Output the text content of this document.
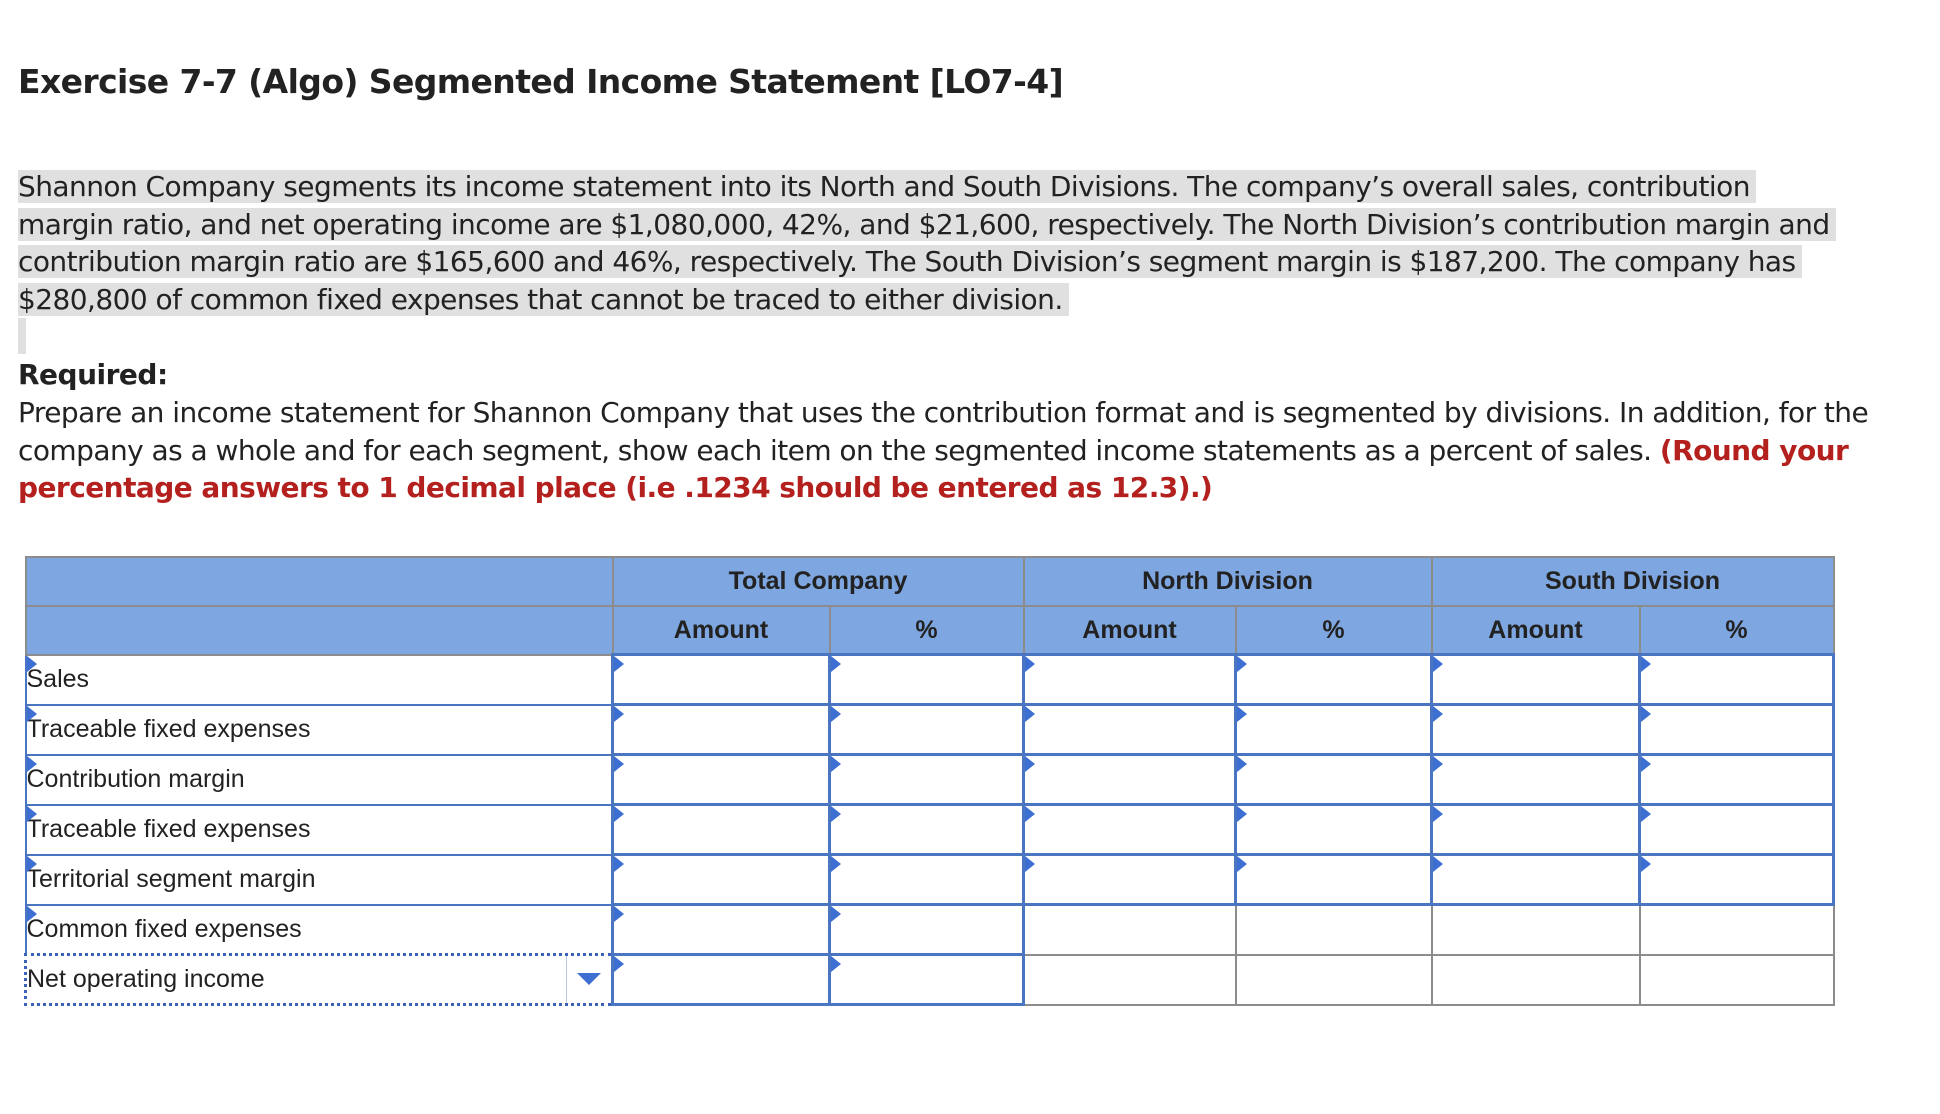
Exercise 7-7 (Algo) Segmented Income Statement [LO7-4]

Shannon Company segments its income statement into its North and South Divisions. The company’s overall sales, contribution
margin ratio, and net operating income are $1,080,000, 42%, and $21,600, respectively. The North Division’s contribution margin and
contribution margin ratio are $165,600 and 46%, respectively. The South Division’s segment margin is $187,200. The company has
$280,800 of common fixed expenses that cannot be traced to either division.

Required:

Prepare an income statement for Shannon Company that uses the contribution format and is segmented by divisions. In addition, for the company as a whole and for each segment, show each item on the segmented income statements as a percent of sales. (Round your percentage answers to 1 decimal place (i.e .1234 should be entered as 12.3).)

	Total Company		North Division		South Division	
	Amount	%	Amount	%	Amount	%
Sales						
Traceable fixed expenses						
Contribution margin						
Traceable fixed expenses						
Territorial segment margin						
Common fixed expenses						
Net operating income
